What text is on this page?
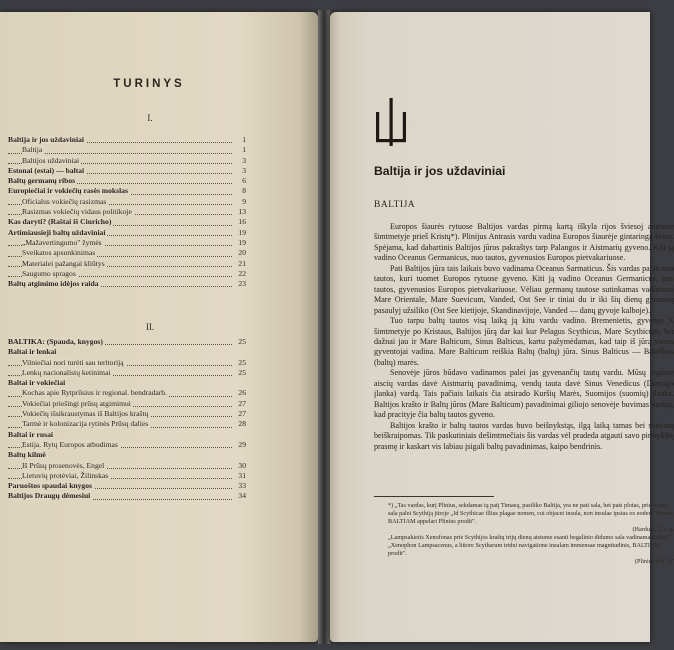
TURINYS
I.
Baltija ir jos uždaviniai	1
Baltija	1
Baltijos uždaviniai	3
Estonai (estai) — baltai	3
Baltų germanų ribos	6
Europiečiai ir vokiečių rasės mokslas	8
Oficialus vokiečių rasizmas	9
Rasizmas vokiečių vidaus politikoje	13
Kas daryti? (Raštai iš Ciuricho)	16
Artimiausieji baltų uždaviniai	19
„Mažavertingumo" žymės	19
Sveikatos apsunkinimas	20
Materialei pažangai kliūtys	21
Saugumo spragos	22
Baltų atgimimo idėjos raida	23
II.
BALTIKA: (Spauda, knygos)	25
Baltai ir lenkai
Vilniečiai nori turėti sau teritoriją	25
Lenkų nacionalistų ketinimai	25
Baltai ir vokiečiai
Kochas apie Rytprūsius ir regional. bendradarb.	26
Vokiečiai priešingi prūsų atgimimui	27
Vokiečių išsikraustymas iš Baltijos kraštų	27
Tarmė ir kolonizacija rytinės Prūsų dalies	28
Baltai ir rusai
Estija. Rytų Europos atbudimas	29
Baltų kilmė
Iš Prūsų prosenovės, Engel	30
Lietuvių protėviai, Žilinskas	31
Paruoštos spaudai knygos	33
Baltijos Draugų dėmesiui	34
Baltija ir jos uždaviniai
BALTIJA

Europos šiaurės rytuose Baltijos vardas pirmą kartą iškyla rijos šviesoj antrame šimtmetyje prieš Kristų*). Plinijus Antrasis vardu vadina Europos šiaurėje gintaringą žemę. Spėjama, kad dabartinis Baltijos jūros pakraštys tarp Palangos ir Aistmarių gyveno. Kiti ją vadino Oceanus Germanicus, nuo tautos, gyvenusios Europos pietvakariuose.

Pati Baltijos jūra tais laikais buvo vadinama Oceanus Sarmaticus. Šis vardas pačio nuo tautos, kuri tuomet Europos rytuose gyveno. Kiti ją vadino Oceanus Germanicus, nuo tautos, gyvenusios Europos pietvakariuose. Vėliau germanų tautose sutinkamas vadinimai Mare Orientale, Mare Suevicum, Vanded, Ost See ir tiniai du ir iki šių dienų germanų pasaulyj užsiliko (Ost See kietijoje, Skandinavijoje, Vanded — danų gyvoje kalboje).

Tuo tarpu baltų tautos visą laiką ją kitu vardu vadino. Bremenietis, gyvenęs X šimtmetyje po Kristaus, Baltijos jūrą dar kai kur Pelagus Scythicus, Mare Scythicum, bet dažnai jau ir Mare Balticum, Sinus Balticus, kartu pažymėdamas, kad taip iš jūrą vietos gyventojai vadina. Mare Balticum reiškia Baltų (baltų) jūra. Sinus Balticus — Baltiškos (baltų) marės.

Senovėje jūros būdavo vadinamos palei jas gyvenančių tautų vardu. Mūsų regione aiscių vardas davė Aistmarių pavadinimą, vendų tauta davė Sinus Venedicus (Dancigo įlanka) vardą. Tais pačiais laikais čia atsirado Kuršių Marės, Suomijos (suomių) įlanka. Baltijos krašto ir Baltų jūros (Mare Balticum) pavadinimai giliojo senovėje buvimas liudija, kad pracityje čia baltų tautos gyveno.

Baltijos krašto ir baltų tautos vardas buvo beišnykstąs, ilgą laiką tamas bei svetimų beiškraipomas. Tik paskutiniais dešimtmečiais šis vardas vėl pradeda atgauti savo pirmykštę prasmę ir kaskart vis labiau įsigali baltų pavadinimas, kaipo bendrinis.

*) „Tas vardas, kurį Plinius, sekdamas tą patį Timaeą, pasiliko Baltija, yra ne pati sala, bet pats plotas, prie kurio sala palei Scythiją jūroje „Id Scythicae illius plagae nomen, cui objacet insula, non insulae ipsius ex eodem Timaeo BALTIAM appelari Plinius prodit".

(Harduin, T. I. p.

„Lampsakietis Xenofonas prie Scythijos kraštų trijų dienų atstume esanti begalinio didumo sala vadinama Baltija". „Xenophon Lampsacenus, a littore Scytharum tridui navigatione insulam immensae magnitudinis, BALTIAM prodit".

(Plinius Lib. IV
